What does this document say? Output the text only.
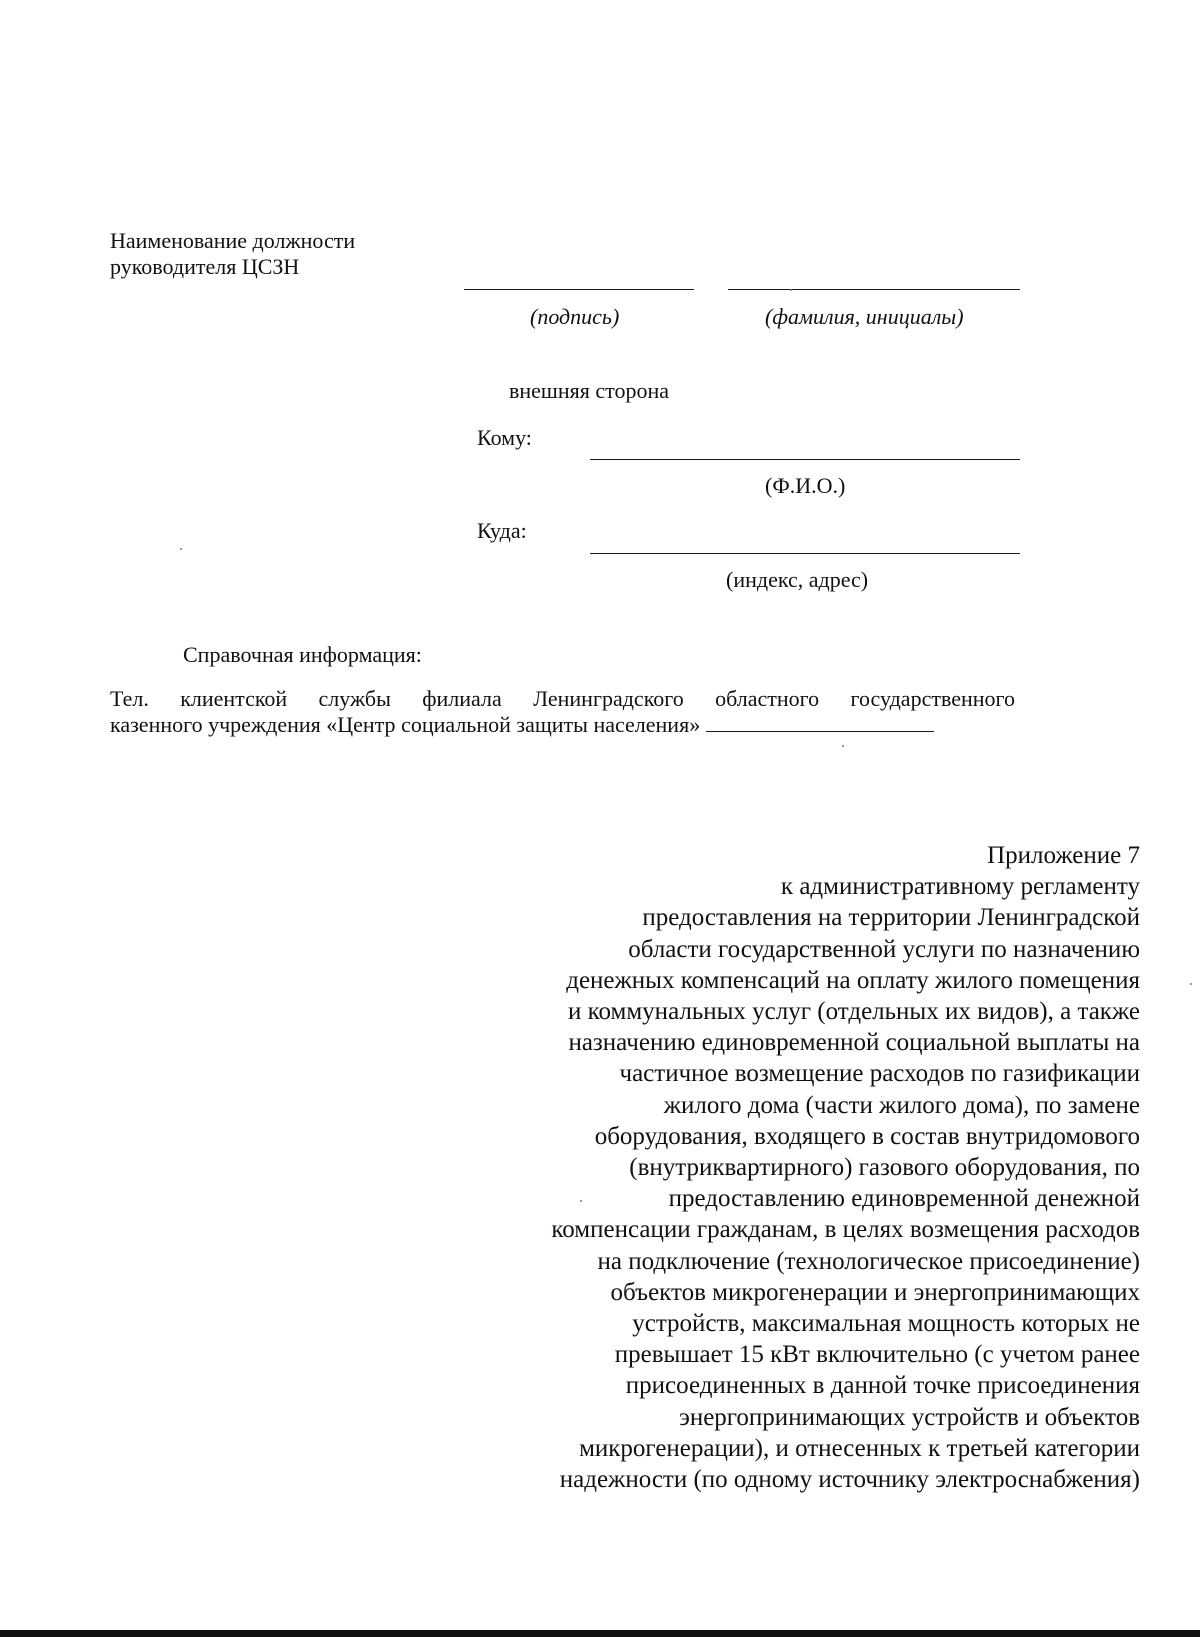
Наименование должности
руководителя ЦСЗН
(подпись)	(фамилия, инициалы)
внешняя сторона
Кому:
(Ф.И.О.)
Куда:
(индекс, адрес)
Справочная информация:
Тел. клиентской службы филиала Ленинградского областного государственного
казенного учреждения «Центр социальной защиты населения»
Приложение 7
к административному регламенту
предоставления на территории Ленинградской
области государственной услуги по назначению
денежных компенсаций на оплату жилого помещения
и коммунальных услуг (отдельных их видов), а также
назначению единовременной социальной выплаты на
частичное возмещение расходов по газификации
жилого дома (части жилого дома), по замене
оборудования, входящего в состав внутридомового
(внутриквартирного) газового оборудования, по
предоставлению единовременной денежной
компенсации гражданам, в целях возмещения расходов
на подключение (технологическое присоединение)
объектов микрогенерации и энергопринимающих
устройств, максимальная мощность которых не
превышает 15 кВт включительно (с учетом ранее
присоединенных в данной точке присоединения
энергопринимающих устройств и объектов
микрогенерации), и отнесенных к третьей категории
надежности (по одному источнику электроснабжения)
